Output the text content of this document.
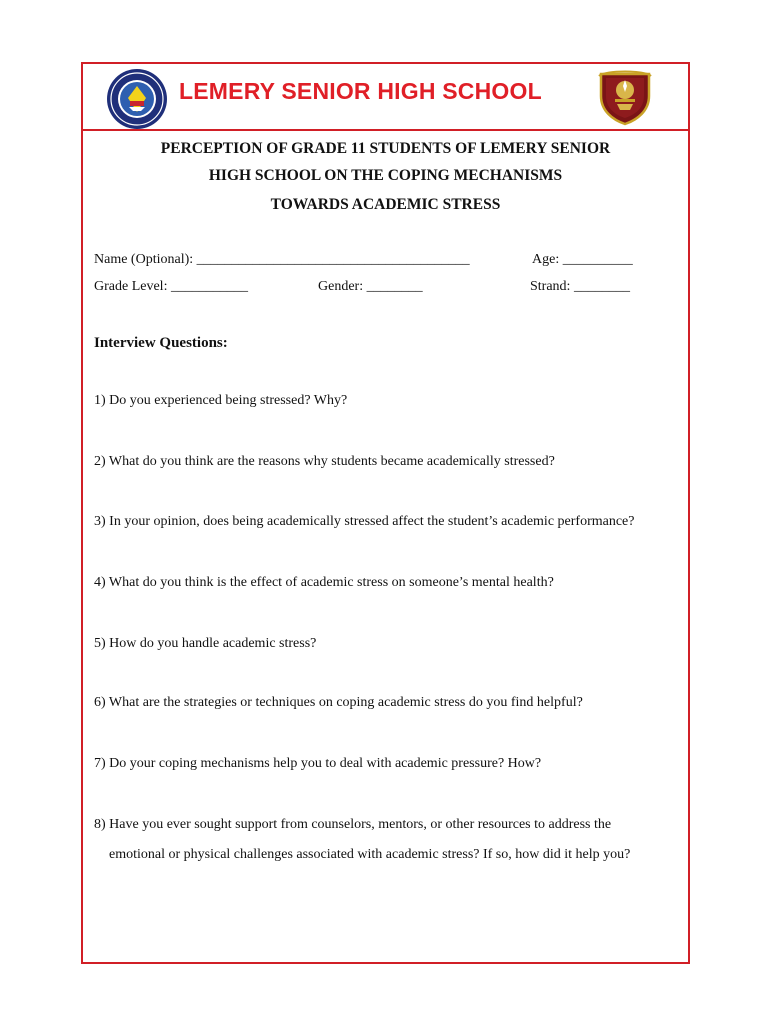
LEMERY SENIOR HIGH SCHOOL
PERCEPTION OF GRADE 11 STUDENTS OF LEMERY SENIOR
HIGH SCHOOL ON THE COPING MECHANISMS
TOWARDS ACADEMIC STRESS
Name (Optional): _______________________________________	Age: __________
Grade Level: ___________	Gender: ________	Strand: ________
Interview Questions:
1) Do you experienced being stressed? Why?
2) What do you think are the reasons why students became academically stressed?
3) In your opinion, does being academically stressed affect the student’s academic performance?
4) What do you think is the effect of academic stress on someone’s mental health?
5) How do you handle academic stress?
6) What are the strategies or techniques on coping academic stress do you find helpful?
7) Do your coping mechanisms help you to deal with academic pressure? How?
8) Have you ever sought support from counselors, mentors, or other resources to address the
emotional or physical challenges associated with academic stress? If so, how did it help you?
